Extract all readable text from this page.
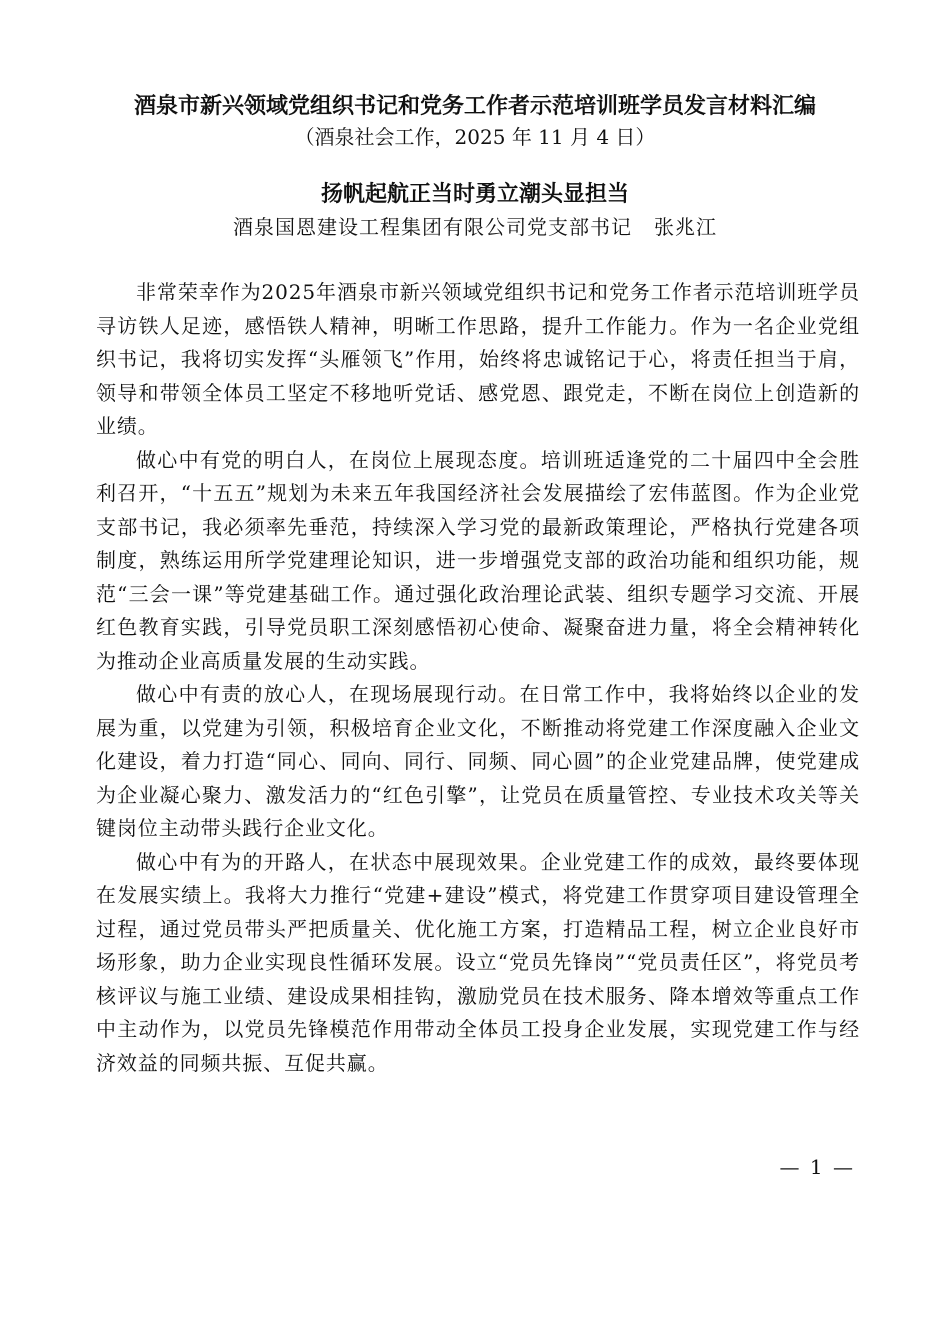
酒泉市新兴领域党组织书记和党务工作者示范培训班学员发言材料汇编
（酒泉社会工作，2025 年 11 月 4 日）
扬帆起航正当时勇立潮头显担当
酒泉国恩建设工程集团有限公司党支部书记 张兆江

非常荣幸作为2025年酒泉市新兴领域党组织书记和党务工作者示范培训班学员寻访铁人足迹，感悟铁人精神，明晰工作思路，提升工作能力。作为一名企业党组织书记，我将切实发挥“头雁领飞”作用，始终将忠诚铭记于心，将责任担当于肩，领导和带领全体员工坚定不移地听党话、感党恩、跟党走，不断在岗位上创造新的业绩。

做心中有党的明白人，在岗位上展现态度。培训班适逢党的二十届四中全会胜利召开，“十五五”规划为未来五年我国经济社会发展描绘了宏伟蓝图。作为企业党支部书记，我必须率先垂范，持续深入学习党的最新政策理论，严格执行党建各项制度，熟练运用所学党建理论知识，进一步增强党支部的政治功能和组织功能，规范“三会一课”等党建基础工作。通过强化政治理论武装、组织专题学习交流、开展红色教育实践，引导党员职工深刻感悟初心使命、凝聚奋进力量，将全会精神转化为推动企业高质量发展的生动实践。

做心中有责的放心人，在现场展现行动。在日常工作中，我将始终以企业的发展为重，以党建为引领，积极培育企业文化，不断推动将党建工作深度融入企业文化建设，着力打造“同心、同向、同行、同频、同心圆”的企业党建品牌，使党建成为企业凝心聚力、激发活力的“红色引擎”，让党员在质量管控、专业技术攻关等关键岗位主动带头践行企业文化。

做心中有为的开路人，在状态中展现效果。企业党建工作的成效，最终要体现在发展实绩上。我将大力推行“党建+建设”模式，将党建工作贯穿项目建设管理全过程，通过党员带头严把质量关、优化施工方案，打造精品工程，树立企业良好市场形象，助力企业实现良性循环发展。设立“党员先锋岗”“党员责任区”，将党员考核评议与施工业绩、建设成果相挂钩，激励党员在技术服务、降本增效等重点工作中主动作为，以党员先锋模范作用带动全体员工投身企业发展，实现党建工作与经济效益的同频共振、互促共赢。

— 1 —
